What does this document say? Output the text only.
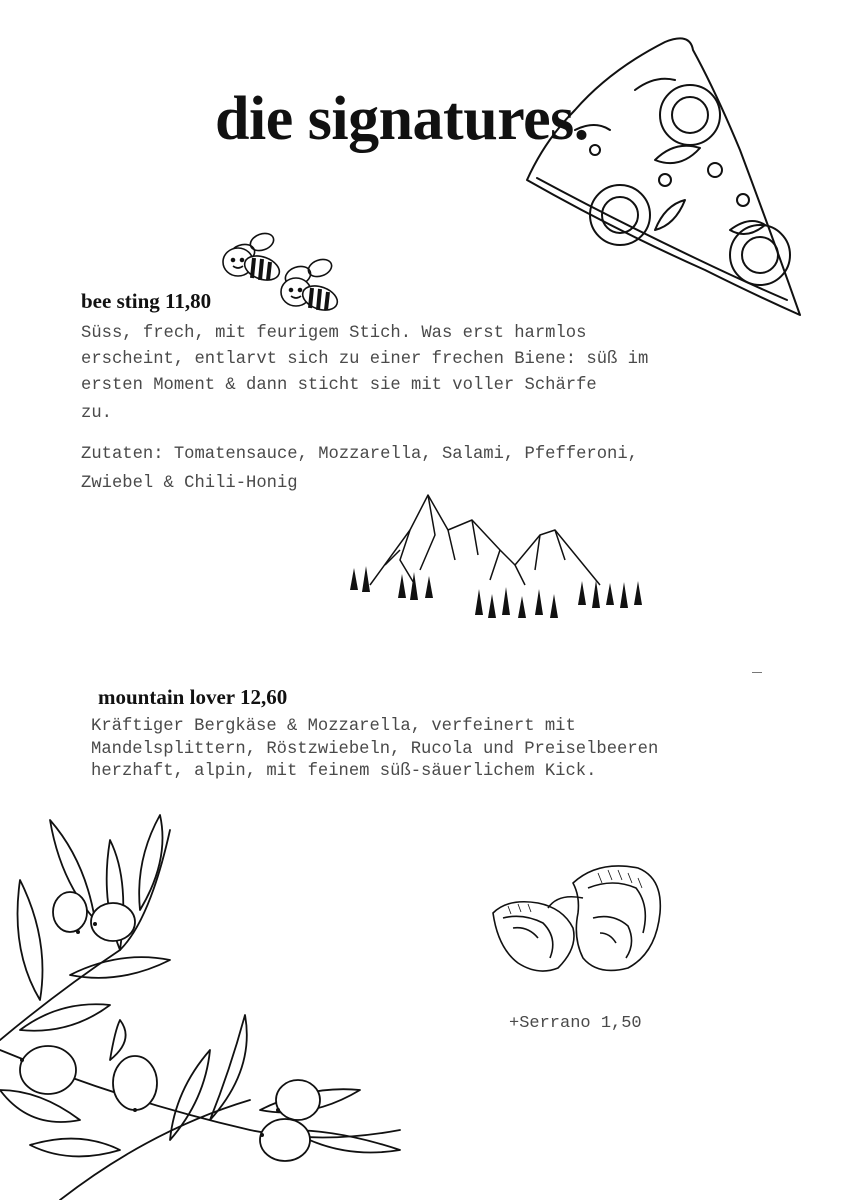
die signatures.

bee sting 11,80

Süss, frech, mit feurigem Stich. Was erst harmlos
erscheint, entlarvt sich zu einer frechen Biene: süß im
ersten Moment & dann sticht sie mit voller Schärfe
zu.

Zutaten: Tomatensauce, Mozzarella, Salami, Pfefferoni,
Zwiebel & Chili-Honig

mountain lover 12,60

Kräftiger Bergkäse & Mozzarella, verfeinert mit
Mandelsplittern, Röstzwiebeln, Rucola und Preiselbeeren
herzhaft, alpin, mit feinem süß-säuerlichem Kick.

+Serrano 1,50
